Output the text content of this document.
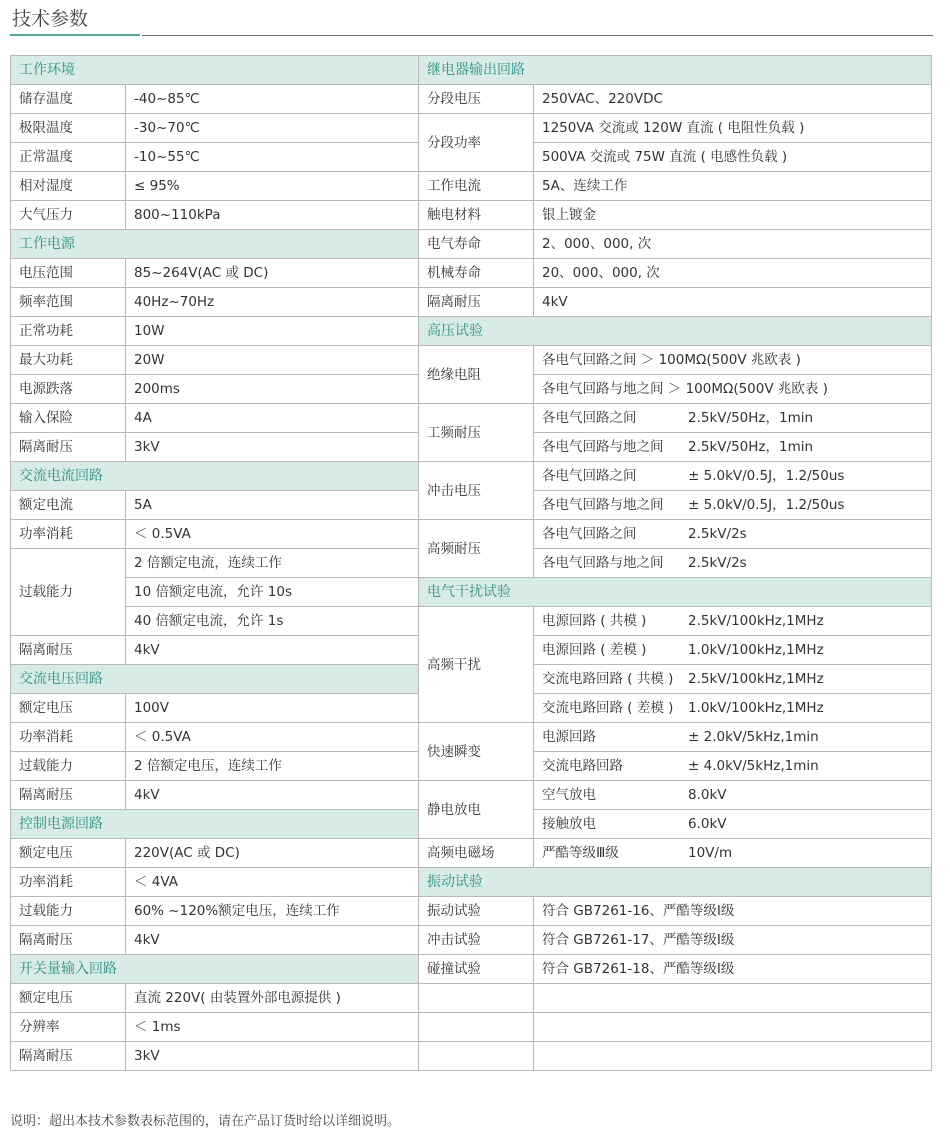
技术参数
工作环境		继电器输出回路	
储存温度	-40~85℃	分段电压	250VAC、220VDC
极限温度	-30~70℃	分段功率	1250VA 交流或 120W 直流 ( 电阻性负载 )
正常温度	-10~55℃		500VA 交流或 75W 直流 ( 电感性负载 )
相对湿度	≤ 95%	工作电流	5A、连续工作
大气压力	800~110kPa	触电材料	银上镀金
工作电源		电气寿命	2、000、000, 次
电压范围	85~264V(AC 或 DC)	机械寿命	20、000、000, 次
频率范围	40Hz~70Hz	隔离耐压	4kV
正常功耗	10W	高压试验	
最大功耗	20W	绝缘电阻	各电气回路之间 ＞ 100MΩ(500V 兆欧表 )
电源跌落	200ms		各电气回路与地之间 ＞ 100MΩ(500V 兆欧表 )
输入保险	4A	工频耐压	各电气回路之间 2.5kV/50Hz，1min
隔离耐压	3kV		各电气回路与地之间 2.5kV/50Hz，1min
交流电流回路		冲击电压	各电气回路之间 ± 5.0kV/0.5J，1.2/50us
额定电流	5A		各电气回路与地之间 ± 5.0kV/0.5J，1.2/50us
功率消耗	＜ 0.5VA	高频耐压	各电气回路之间 2.5kV/2s
过载能力	2 倍额定电流，连续工作		各电气回路与地之间 2.5kV/2s
	10 倍额定电流，允许 10s	电气干扰试验	
	40 倍额定电流，允许 1s	高频干扰	电源回路 ( 共模 ) 2.5kV/100kHz,1MHz
隔离耐压	4kV		电源回路 ( 差模 ) 1.0kV/100kHz,1MHz
交流电压回路			交流电路回路 ( 共模 ) 2.5kV/100kHz,1MHz
额定电压	100V		交流电路回路 ( 差模 ) 1.0kV/100kHz,1MHz
功率消耗	＜ 0.5VA	快速瞬变	电源回路 ± 2.0kV/5kHz,1min
过载能力	2 倍额定电压，连续工作		交流电路回路 ± 4.0kV/5kHz,1min
隔离耐压	4kV	静电放电	空气放电 8.0kV
控制电源回路			接触放电 6.0kV
额定电压	220V(AC 或 DC)	高频电磁场	严酷等级Ⅲ级 10V/m
功率消耗	＜ 4VA	振动试验	
过载能力	60% ~120%额定电压，连续工作	振动试验	符合 GB7261-16、严酷等级Ⅰ级
隔离耐压	4kV	冲击试验	符合 GB7261-17、严酷等级Ⅰ级
开关量输入回路		碰撞试验	符合 GB7261-18、严酷等级Ⅰ级
额定电压	直流 220V( 由装置外部电源提供 )		
分辨率	＜ 1ms		
隔离耐压	3kV		
说明：超出本技术参数表标范围的，请在产品订货时给以详细说明。
